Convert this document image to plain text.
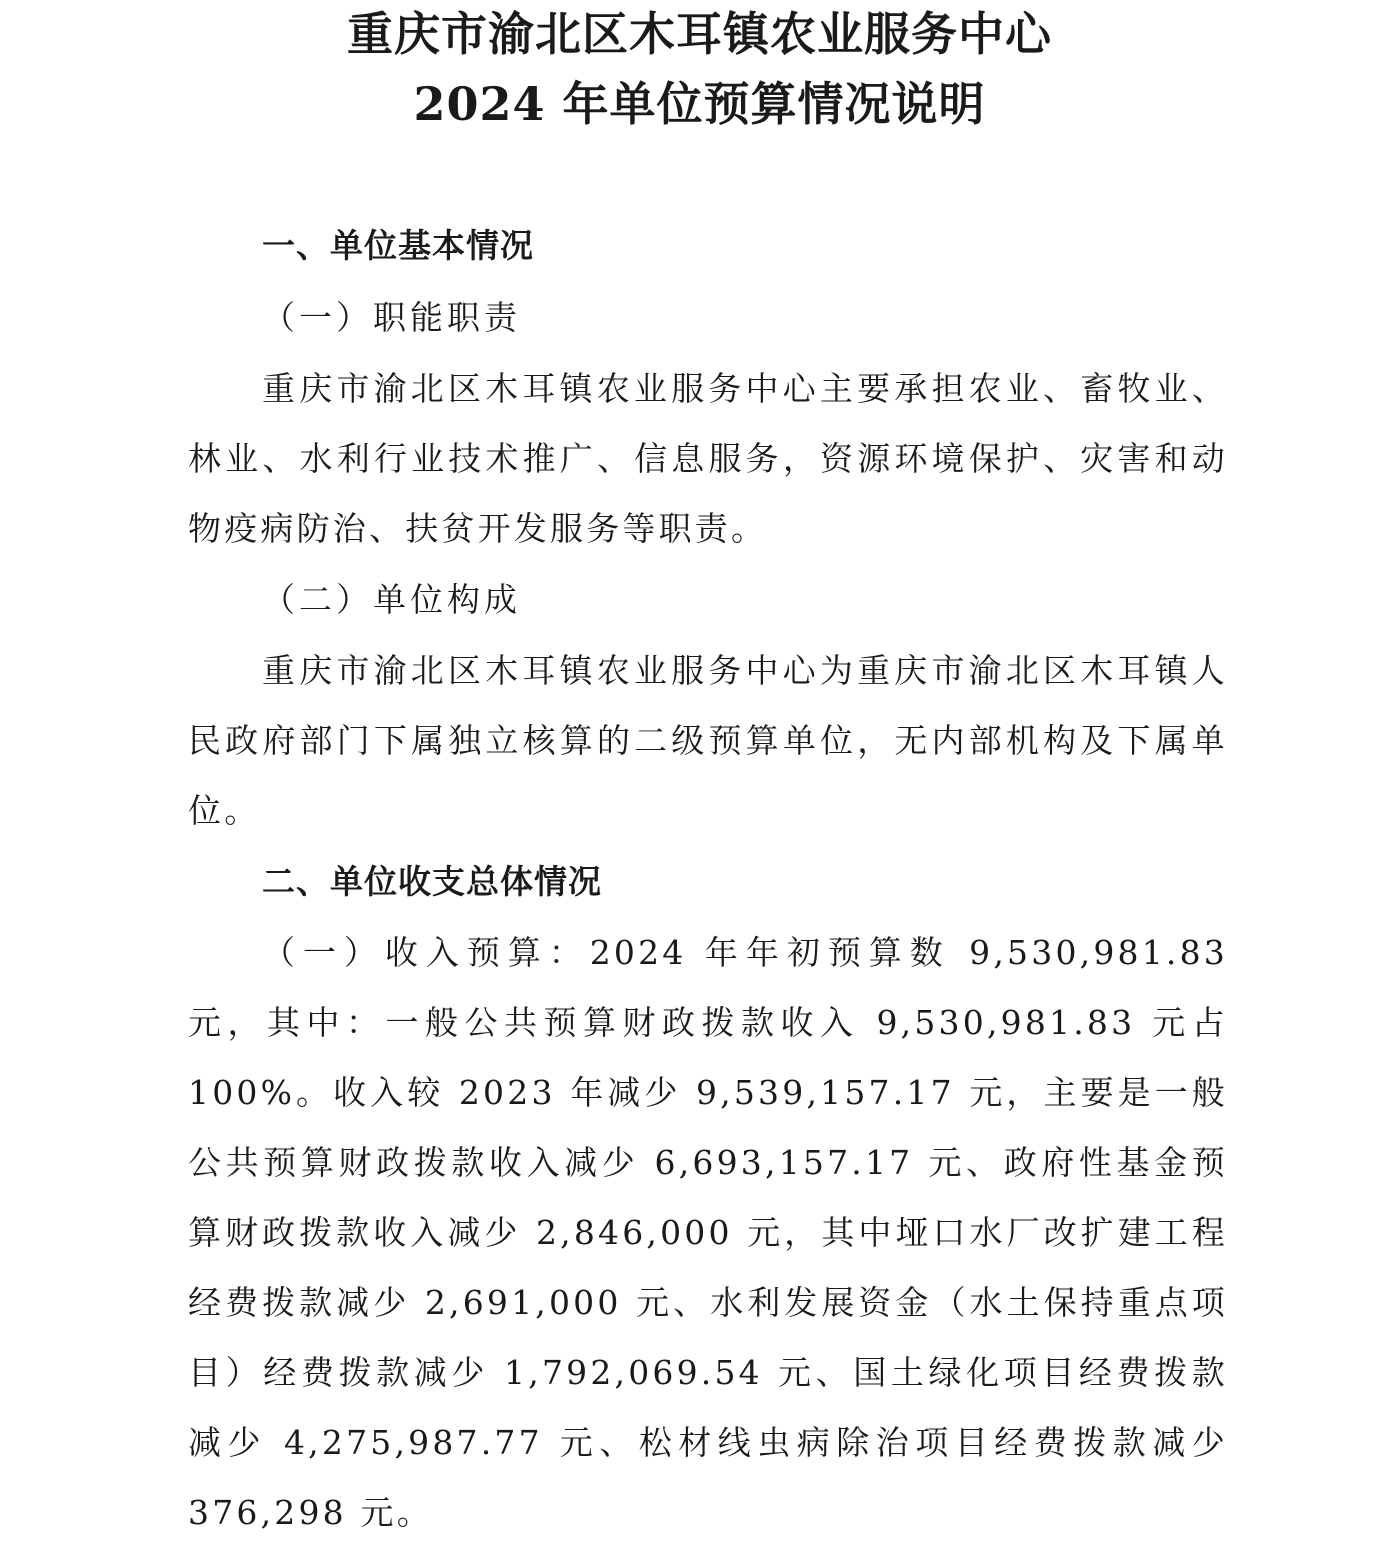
重庆市渝北区木耳镇农业服务中心
2024 年单位预算情况说明
一、单位基本情况
（一）职能职责

重庆市渝北区木耳镇农业服务中心主要承担农业、畜牧业、林业、水利行业技术推广、信息服务，资源环境保护、灾害和动物疫病防治、扶贫开发服务等职责。

（二）单位构成

重庆市渝北区木耳镇农业服务中心为重庆市渝北区木耳镇人民政府部门下属独立核算的二级预算单位，无内部机构及下属单位。

二、单位收支总体情况

（一）收入预算：2024 年年初预算数 9,530,981.83 元，其中：一般公共预算财政拨款收入 9,530,981.83 元占 100%。收入较 2023 年减少 9,539,157.17 元，主要是一般公共预算财政拨款收入减少 6,693,157.17 元、政府性基金预算财政拨款收入减少 2,846,000 元，其中垭口水厂改扩建工程经费拨款减少 2,691,000 元、水利发展资金（水土保持重点项目）经费拨款减少 1,792,069.54 元、国土绿化项目经费拨款减少 4,275,987.77 元、松材线虫病除治项目经费拨款减少 376,298 元。
